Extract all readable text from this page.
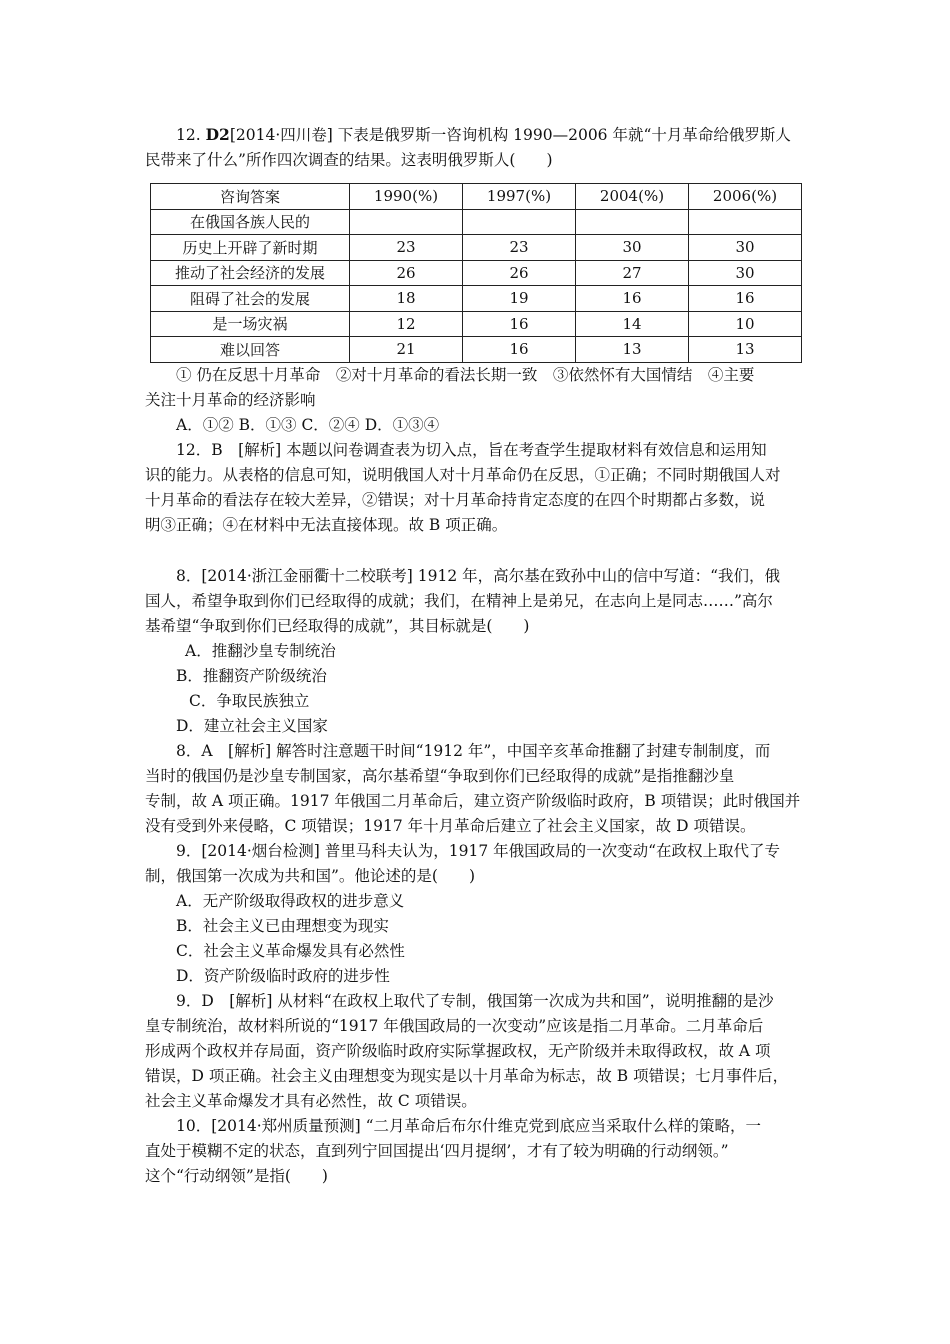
12. D2[2014·四川卷] 下表是俄罗斯一咨询机构 1990—2006 年就“十月革命给俄罗斯人

民带来了什么”所作四次调查的结果。这表明俄罗斯人(　　)

咨询答案	1990(%)	1997(%)	2004(%)	2006(%)
在俄国各族人民的				
历史上开辟了新时期	23	23	30	30
推动了社会经济的发展	26	26	27	30
阻碍了社会的发展	18	19	16	16
是一场灾祸	12	16	14	10
难以回答	21	16	13	13

① 仍在反思十月革命　②对十月革命的看法长期一致　③依然怀有大国情结　④主要

关注十月革命的经济影响

A．①② B．①③ C．②④ D．①③④

12．B　[解析] 本题以问卷调查表为切入点，旨在考查学生提取材料有效信息和运用知

识的能力。从表格的信息可知，说明俄国人对十月革命仍在反思，①正确；不同时期俄国人对

十月革命的看法存在较大差异，②错误；对十月革命持肯定态度的在四个时期都占多数，说

明③正确；④在材料中无法直接体现。故 B 项正确。

8．[2014·浙江金丽衢十二校联考] 1912 年，高尔基在致孙中山的信中写道：“我们，俄

国人，希望争取到你们已经取得的成就；我们，在精神上是弟兄，在志向上是同志……”高尔

基希望“争取到你们已经取得的成就”，其目标就是(　　)

A．推翻沙皇专制统治

B．推翻资产阶级统治

C．争取民族独立

D．建立社会主义国家

8．A　[解析] 解答时注意题干时间“1912 年”，中国辛亥革命推翻了封建专制制度，而

当时的俄国仍是沙皇专制国家，高尔基希望“争取到你们已经取得的成就”是指推翻沙皇

专制，故 A 项正确。1917 年俄国二月革命后，建立资产阶级临时政府，B 项错误；此时俄国并

没有受到外来侵略，C 项错误；1917 年十月革命后建立了社会主义国家，故 D 项错误。

9．[2014·烟台检测] 普里马科夫认为，1917 年俄国政局的一次变动“在政权上取代了专

制，俄国第一次成为共和国”。他论述的是(　　)

A．无产阶级取得政权的进步意义

B．社会主义已由理想变为现实

C．社会主义革命爆发具有必然性

D．资产阶级临时政府的进步性

9．D　[解析] 从材料“在政权上取代了专制，俄国第一次成为共和国”，说明推翻的是沙

皇专制统治，故材料所说的“1917 年俄国政局的一次变动”应该是指二月革命。二月革命后

形成两个政权并存局面，资产阶级临时政府实际掌握政权，无产阶级并未取得政权，故 A 项

错误，D 项正确。社会主义由理想变为现实是以十月革命为标志，故 B 项错误；七月事件后，

社会主义革命爆发才具有必然性，故 C 项错误。

10．[2014·郑州质量预测] “二月革命后布尔什维克党到底应当采取什么样的策略，一

直处于模糊不定的状态，直到列宁回国提出‘四月提纲’，才有了较为明确的行动纲领。”

这个“行动纲领”是指(　　)
